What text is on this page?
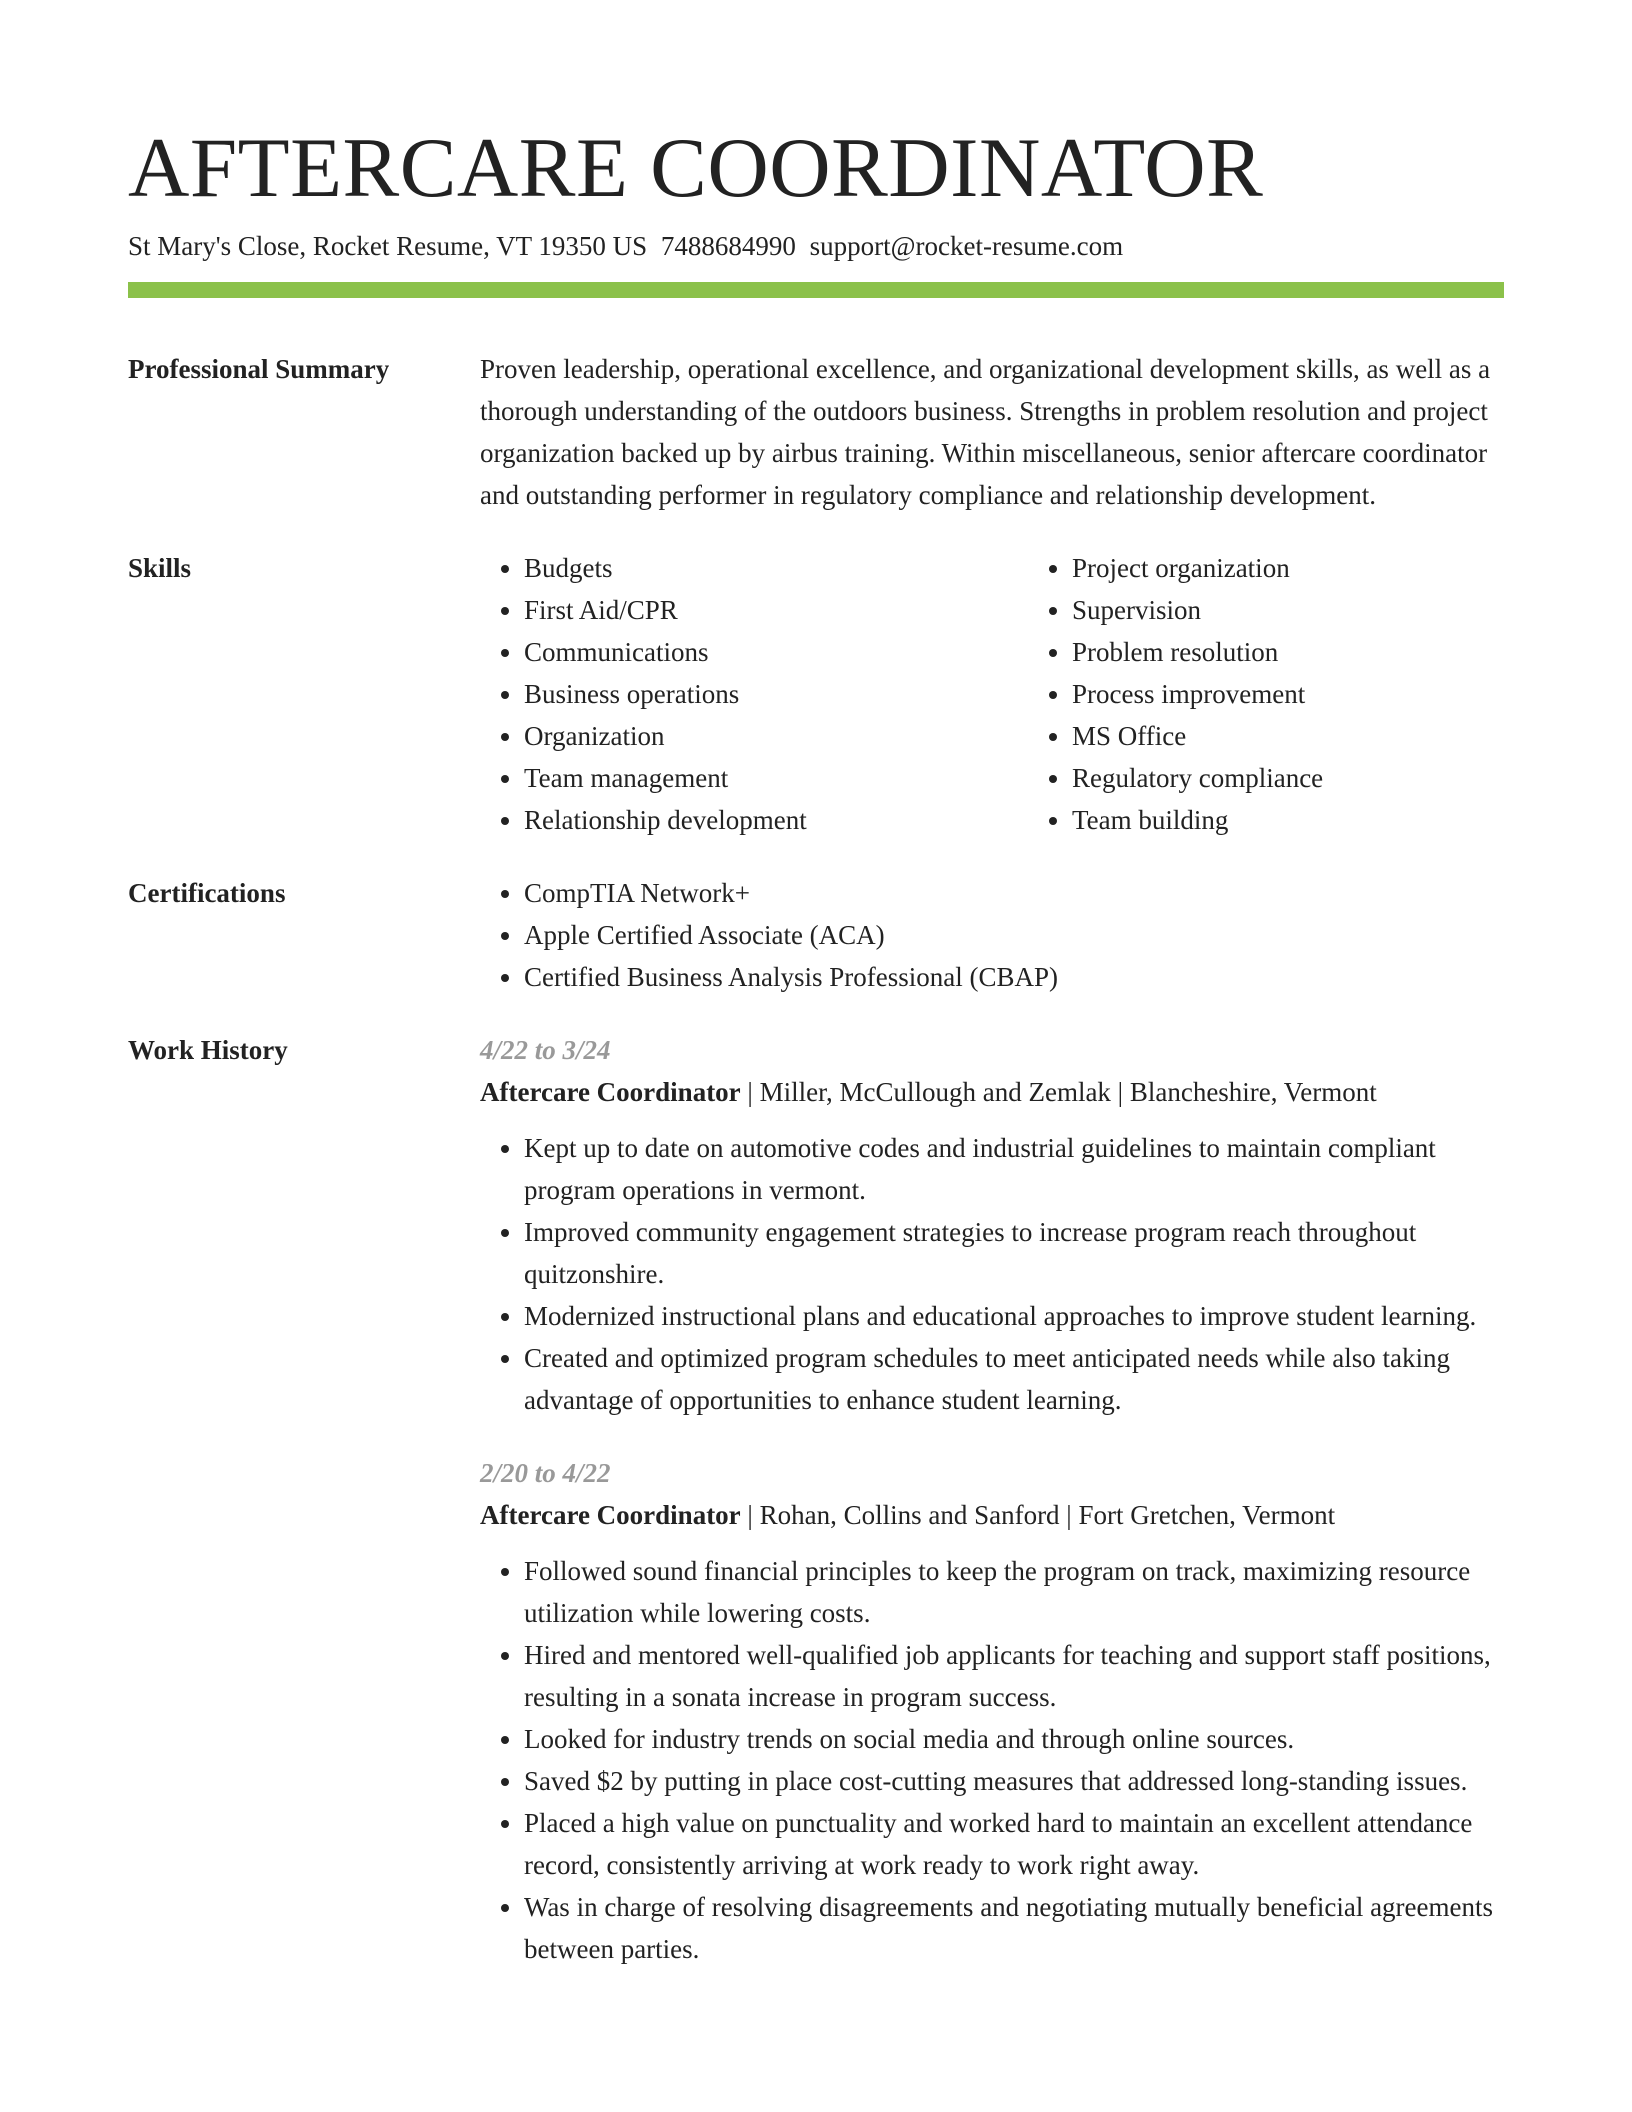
AFTERCARE COORDINATOR
St Mary's Close, Rocket Resume, VT 19350 US 7488684990 support@rocket-resume.com
Professional Summary	Proven leadership, operational excellence, and organizational development skills, as well as a thorough understanding of the outdoors business. Strengths in problem resolution and project organization backed up by airbus training. Within miscellaneous, senior aftercare coordinator and outstanding performer in regulatory compliance and relationship development.

Skills	• Budgets
• First Aid/CPR
• Communications
• Business operations
• Organization
• Team management
• Relationship development
• Project organization
• Supervision
• Problem resolution
• Process improvement
• MS Office
• Regulatory compliance
• Team building
Certifications	• CompTIA Network+
• Apple Certified Associate (ACA)
• Certified Business Analysis Professional (CBAP)
Work History	4/22 to 3/24
Aftercare Coordinator | Miller, McCullough and Zemlak | Blancheshire, Vermont
• Kept up to date on automotive codes and industrial guidelines to maintain compliant program operations in vermont.
• Improved community engagement strategies to increase program reach throughout quitzonshire.
• Modernized instructional plans and educational approaches to improve student learning.
• Created and optimized program schedules to meet anticipated needs while also taking advantage of opportunities to enhance student learning.
2/20 to 4/22
Aftercare Coordinator | Rohan, Collins and Sanford | Fort Gretchen, Vermont
• Followed sound financial principles to keep the program on track, maximizing resource utilization while lowering costs.
• Hired and mentored well-qualified job applicants for teaching and support staff positions, resulting in a sonata increase in program success.
• Looked for industry trends on social media and through online sources.
• Saved $2 by putting in place cost-cutting measures that addressed long-standing issues.
• Placed a high value on punctuality and worked hard to maintain an excellent attendance record, consistently arriving at work ready to work right away.
• Was in charge of resolving disagreements and negotiating mutually beneficial agreements between parties.
